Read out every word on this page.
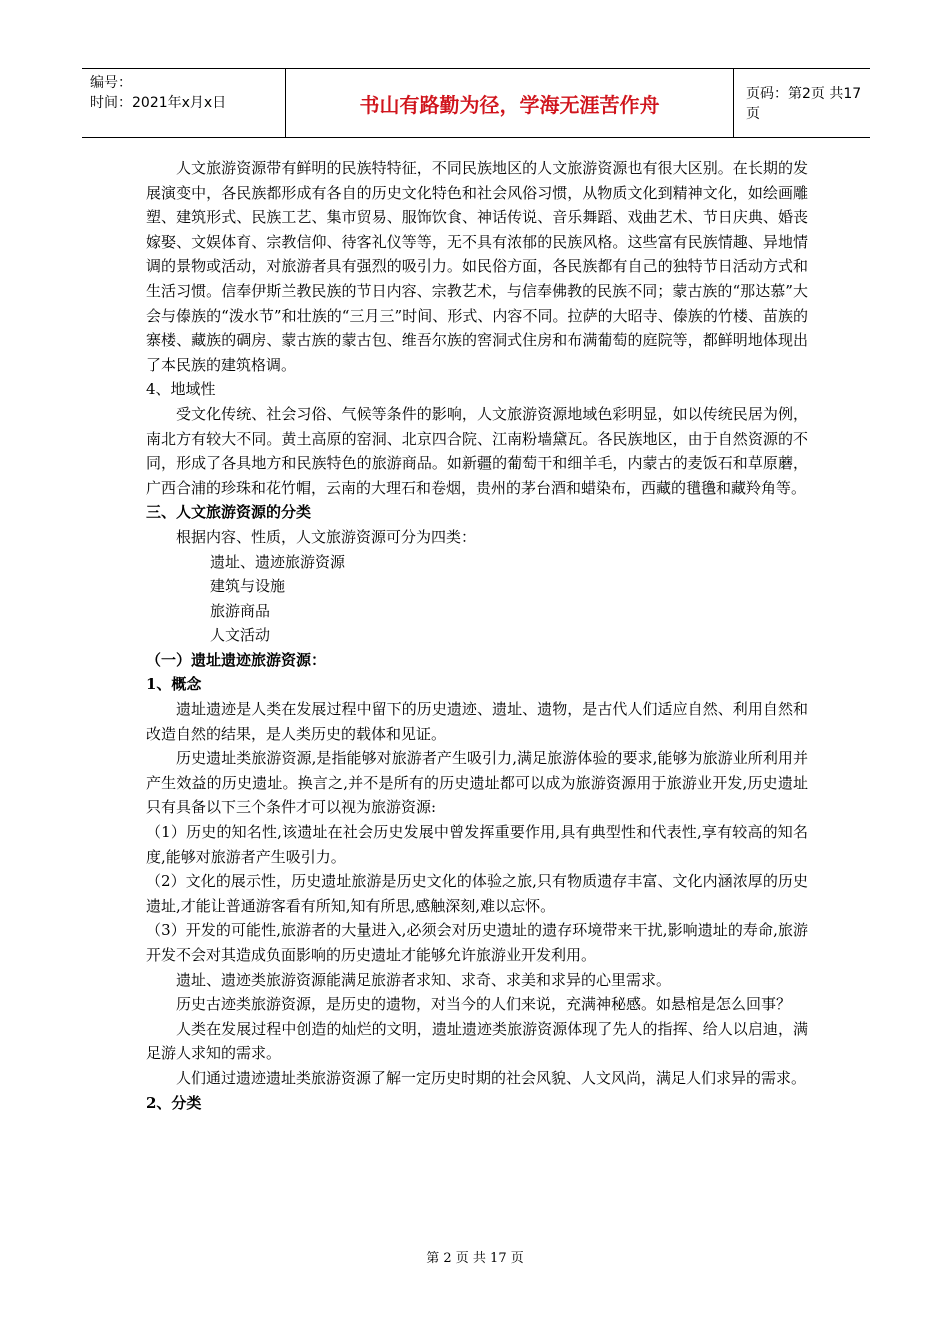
编号：
时间：2021年x月x日	书山有路勤为径，学海无涯苦作舟	页码：第2页 共17页

人文旅游资源带有鲜明的民族特特征，不同民族地区的人文旅游资源也有很大区别。在长期的发展演变中，各民族都形成有各自的历史文化特色和社会风俗习惯，从物质文化到精神文化，如绘画雕塑、建筑形式、民族工艺、集市贸易、服饰饮食、神话传说、音乐舞蹈、戏曲艺术、节日庆典、婚丧嫁娶、文娱体育、宗教信仰、待客礼仪等等，无不具有浓郁的民族风格。这些富有民族情趣、异地情调的景物或活动，对旅游者具有强烈的吸引力。如民俗方面，各民族都有自己的独特节日活动方式和生活习惯。信奉伊斯兰教民族的节日内容、宗教艺术，与信奉佛教的民族不同；蒙古族的“那达慕”大会与傣族的“泼水节”和壮族的“三月三”时间、形式、内容不同。拉萨的大昭寺、傣族的竹楼、苗族的寨楼、藏族的碉房、蒙古族的蒙古包、维吾尔族的窖洞式住房和布满葡萄的庭院等，都鲜明地体现出了本民族的建筑格调。

4、地域性

受文化传统、社会习俗、气候等条件的影响，人文旅游资源地域色彩明显，如以传统民居为例，南北方有较大不同。黄土高原的窑洞、北京四合院、江南粉墙黛瓦。各民族地区，由于自然资源的不同，形成了各具地方和民族特色的旅游商品。如新疆的葡萄干和细羊毛，内蒙古的麦饭石和草原蘑，广西合浦的珍珠和花竹帽，云南的大理石和卷烟，贵州的茅台酒和蜡染布，西藏的氆氇和藏羚角等。

三、人文旅游资源的分类

根据内容、性质，人文旅游资源可分为四类：

遗址、遗迹旅游资源

建筑与设施

旅游商品

人文活动

（一）遗址遗迹旅游资源：

1、概念

遗址遗迹是人类在发展过程中留下的历史遗迹、遗址、遗物，是古代人们适应自然、利用自然和改造自然的结果，是人类历史的载体和见证。

历史遗址类旅游资源,是指能够对旅游者产生吸引力,满足旅游体验的要求,能够为旅游业所利用并产生效益的历史遗址。换言之,并不是所有的历史遗址都可以成为旅游资源用于旅游业开发,历史遗址只有具备以下三个条件才可以视为旅游资源:

（1）历史的知名性,该遗址在社会历史发展中曾发挥重要作用,具有典型性和代表性,享有较高的知名度,能够对旅游者产生吸引力。

（2）文化的展示性，历史遗址旅游是历史文化的体验之旅,只有物质遗存丰富、文化内涵浓厚的历史遗址,才能让普通游客看有所知,知有所思,感触深刻,难以忘怀。

（3）开发的可能性,旅游者的大量进入,必须会对历史遗址的遗存环境带来干扰,影响遗址的寿命,旅游开发不会对其造成负面影响的历史遗址才能够允许旅游业开发利用。

遗址、遗迹类旅游资源能满足旅游者求知、求奇、求美和求异的心里需求。

历史古迹类旅游资源，是历史的遗物，对当今的人们来说，充满神秘感。如悬棺是怎么回事？

人类在发展过程中创造的灿烂的文明，遗址遗迹类旅游资源体现了先人的指挥、给人以启迪，满足游人求知的需求。

人们通过遗迹遗址类旅游资源了解一定历史时期的社会风貌、人文风尚，满足人们求异的需求。

2、分类

第 2 页 共 17 页
